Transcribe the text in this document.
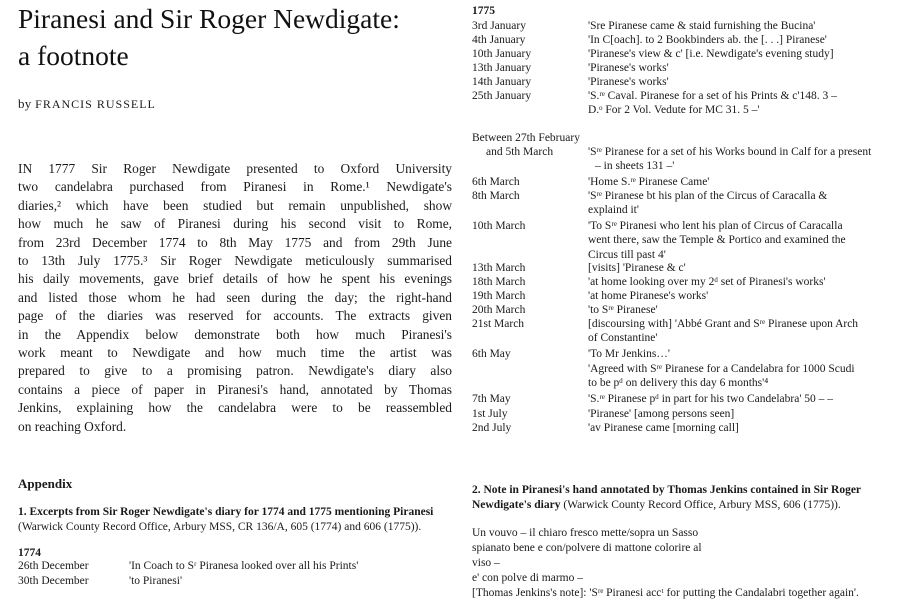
Piranesi and Sir Roger Newdigate:
a footnote
by FRANCIS RUSSELL
IN 1777 Sir Roger Newdigate presented to Oxford University
two candelabra purchased from Piranesi in Rome.¹ Newdigate's
diaries,² which have been studied but remain unpublished, show
how much he saw of Piranesi during his second visit to Rome,
from 23rd December 1774 to 8th May 1775 and from 29th June
to 13th July 1775.³ Sir Roger Newdigate meticulously summarised
his daily movements, gave brief details of how he spent his evenings
and listed those whom he had seen during the day; the right-hand
page of the diaries was reserved for accounts. The extracts given
in the Appendix below demonstrate both how much Piranesi's
work meant to Newdigate and how much time the artist was
prepared to give to a promising patron. Newdigate's diary also
contains a piece of paper in Piranesi's hand, annotated by Thomas
Jenkins, explaining how the candelabra were to be reassembled
on reaching Oxford.
Appendix
1. Excerpts from Sir Roger Newdigate's diary for 1774 and 1775 mentioning Piranesi (Warwick County Record Office, Arbury MSS, CR 136/A, 605 (1774) and 606 (1775)).
1774
26th December	'In Coach to Sʳ Piranesa looked over all his Prints'
30th December	'to Piranesi'
2. Note in Piranesi's hand annotated by Thomas Jenkins contained in Sir Roger Newdigate's diary (Warwick County Record Office, Arbury MSS, 606 (1775)).
Un vouvo – il chiaro fresco mette/sopra un Sasso
spianato bene e con/polvere di mattone colorire al
viso –
e' con polve di marmo –
[Thomas Jenkins's note]: 'Sʳᵉ Piranesi accᵗ for putting the Candalabri together again'.
1775
3rd January	'Sre Piranese came & staid furnishing the Bucina'
4th January	'In C[oach]. to 2 Bookbinders ab. the [. . .] Piranese'
10th January	'Piranese's view & c' [i.e. Newdigate's evening study]
13th January	'Piranese's works'
14th January	'Piranese's works'
25th January	'S.ʳᵉ Caval. Piranese for a set of his Prints & c'148. 3 –
D.ᵒ For 2 Vol. Vedute for MC 31. 5 –'
Between 27th February
and 5th March	'Sʳᵉ Piranese for a set of his Works bound in Calf for a present
– in sheets 131 –'
6th March	'Home S.ʳᵉ Piranese Came'
8th March	'Sʳᵉ Piranese bt his plan of the Circus of Caracalla &
explaind it'
10th March	'To Sʳᵉ Piranesi who lent his plan of Circus of Caracalla
went there, saw the Temple & Portico and examined the
Circus till past 4'
13th March	[visits] 'Piranese & c'
18th March	'at home looking over my 2ᵈ set of Piranesi's works'
19th March	'at home Piranese's works'
20th March	'to Sʳᵉ Piranese'
21st March	[discoursing with] 'Abbé Grant and Sʳᵉ Piranese upon Arch
of Constantine'
6th May	'To Mr Jenkins…'
'Agreed with Sʳᵉ Piranese for a Candelabra for 1000 Scudi
to be pᵈ on delivery this day 6 months'⁴
7th May	'S.ʳᵉ Piranese pᵈ in part for his two Candelabra' 50 – –
1st July	'Piranese' [among persons seen]
2nd July	'av Piranese came [morning call]
